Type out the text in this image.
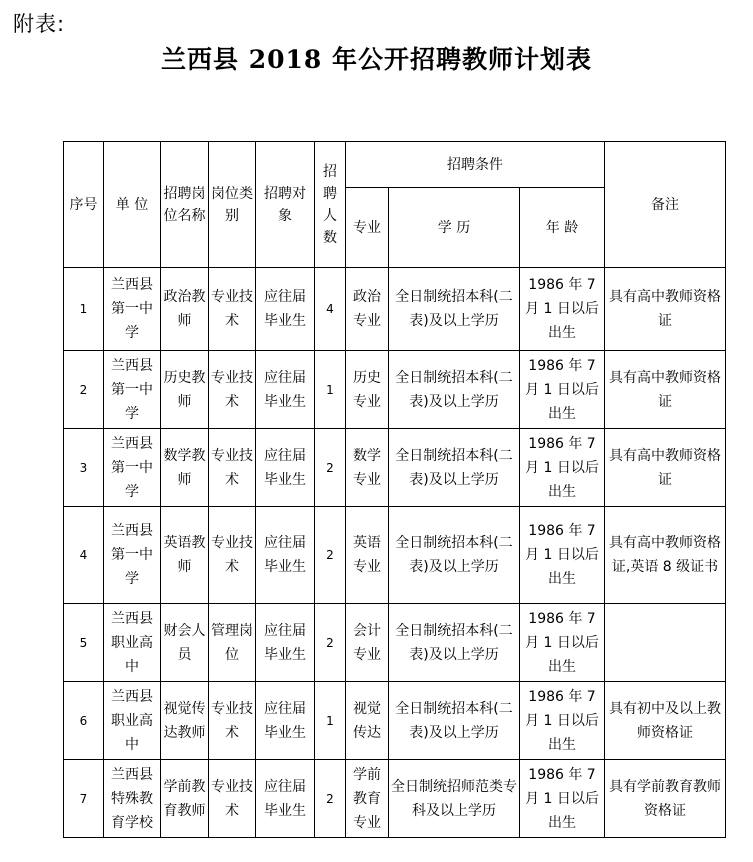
附表:
兰西县 2018 年公开招聘教师计划表
序号	单 位	招聘岗位名称	岗位类别	招聘对象	招聘人数	招聘条件			备注
						专业	学 历	年 龄	
1	兰西县第一中学	政治教师	专业技术	应往届毕业生	4	政治专业	全日制统招本科(二表)及以上学历	1986 年 7 月 1 日以后出生	具有高中教师资格证
2	兰西县第一中学	历史教师	专业技术	应往届毕业生	1	历史专业	全日制统招本科(二表)及以上学历	1986 年 7 月 1 日以后出生	具有高中教师资格证
3	兰西县第一中学	数学教师	专业技术	应往届毕业生	2	数学专业	全日制统招本科(二表)及以上学历	1986 年 7 月 1 日以后出生	具有高中教师资格证
4	兰西县第一中学	英语教师	专业技术	应往届毕业生	2	英语专业	全日制统招本科(二表)及以上学历	1986 年 7 月 1 日以后出生	具有高中教师资格证,英语 8 级证书
5	兰西县职业高中	财会人员	管理岗位	应往届毕业生	2	会计专业	全日制统招本科(二表)及以上学历	1986 年 7 月 1 日以后出生	
6	兰西县职业高中	视觉传达教师	专业技术	应往届毕业生	1	视觉传达	全日制统招本科(二表)及以上学历	1986 年 7 月 1 日以后出生	具有初中及以上教师资格证
7	兰西县特殊教育学校	学前教育教师	专业技术	应往届毕业生	2	学前教育专业	全日制统招师范类专科及以上学历	1986 年 7 月 1 日以后出生	具有学前教育教师资格证
